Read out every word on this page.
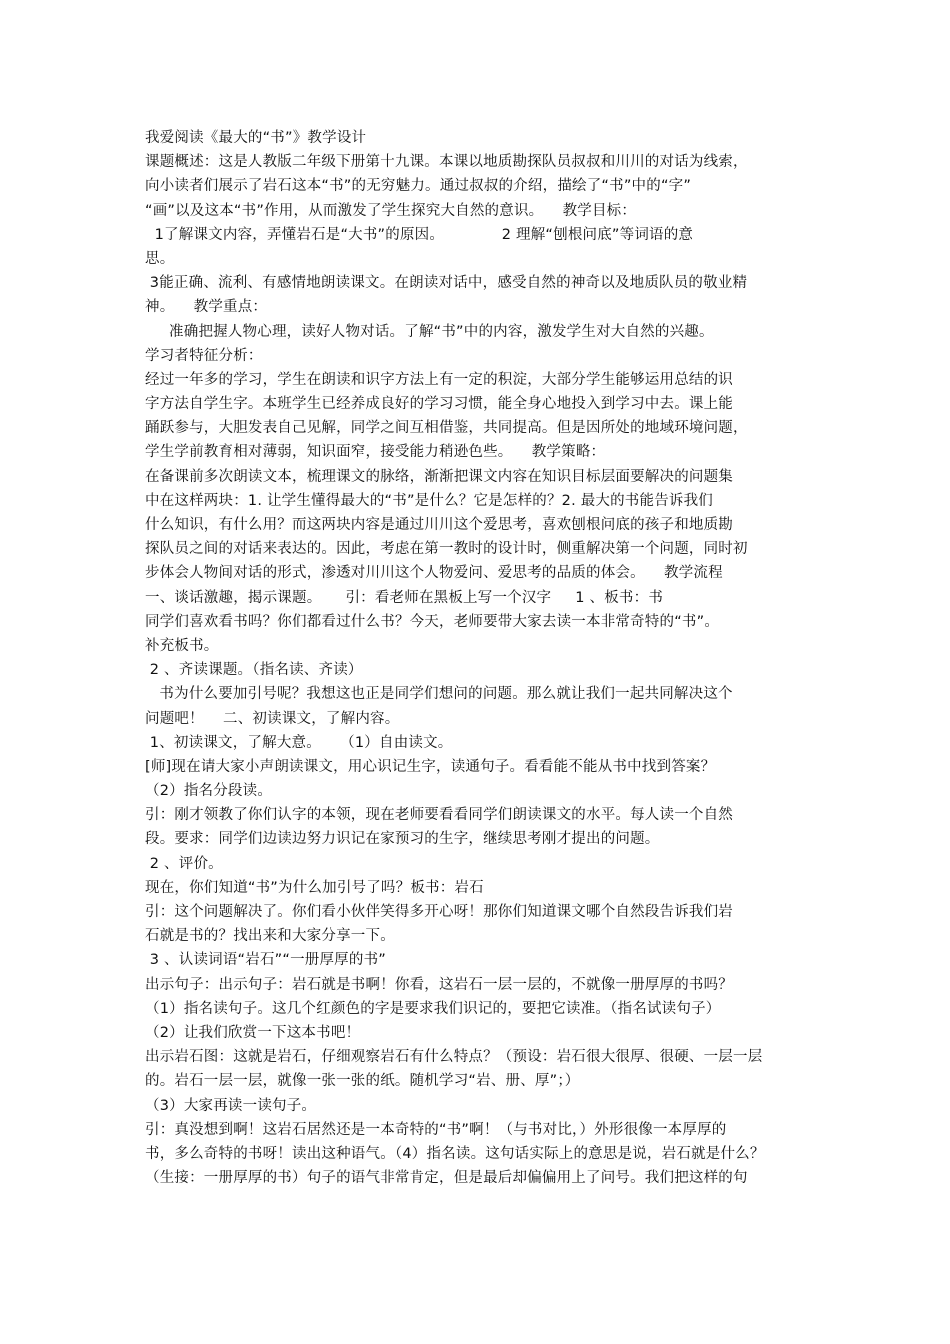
我爱阅读《最大的“书”》教学设计
课题概述：这是人教版二年级下册第十九课。本课以地质勘探队员叔叔和川川的对话为线索，
向小读者们展示了岩石这本“书”的无穷魅力。通过叔叔的介绍，描绘了“书”中的“字”
“画”以及这本“书”作用，从而激发了学生探究大自然的意识。    教学目标：
1了解课文内容，弄懂岩石是“大书”的原因。            2 理解“刨根问底”等词语的意
思。
3能正确、流利、有感情地朗读课文。在朗读对话中，感受自然的神奇以及地质队员的敬业精
神。    教学重点：
准确把握人物心理，读好人物对话。了解“书”中的内容，激发学生对大自然的兴趣。
学习者特征分析：
经过一年多的学习，学生在朗读和识字方法上有一定的积淀，大部分学生能够运用总结的识
字方法自学生字。本班学生已经养成良好的学习习惯，能全身心地投入到学习中去。课上能
踊跃参与，大胆发表自己见解，同学之间互相借鉴，共同提高。但是因所处的地域环境问题，
学生学前教育相对薄弱，知识面窄，接受能力稍逊色些。    教学策略：
在备课前多次朗读文本，梳理课文的脉络，渐渐把课文内容在知识目标层面要解决的问题集
中在这样两块：1. 让学生懂得最大的“书”是什么？它是怎样的？2. 最大的书能告诉我们
什么知识，有什么用？而这两块内容是通过川川这个爱思考，喜欢刨根问底的孩子和地质勘
探队员之间的对话来表达的。因此，考虑在第一教时的设计时，侧重解决第一个问题，同时初
步体会人物间对话的形式，渗透对川川这个人物爱问、爱思考的品质的体会。    教学流程
一、谈话激趣，揭示课题。     引：看老师在黑板上写一个汉字     1 、板书：书
同学们喜欢看书吗？你们都看过什么书？今天，老师要带大家去读一本非常奇特的“书”。
补充板书。
2 、齐读课题。（指名读、齐读）
书为什么要加引号呢？我想这也正是同学们想问的问题。那么就让我们一起共同解决这个
问题吧！    二、初读课文，了解内容。
1、初读课文，了解大意。    （1）自由读文。
[师]现在请大家小声朗读课文，用心识记生字，读通句子。看看能不能从书中找到答案？
（2）指名分段读。
引：刚才领教了你们认字的本领，现在老师要看看同学们朗读课文的水平。每人读一个自然
段。要求：同学们边读边努力识记在家预习的生字，继续思考刚才提出的问题。
2 、评价。
现在，你们知道“书”为什么加引号了吗？板书：岩石
引：这个问题解决了。你们看小伙伴笑得多开心呀！那你们知道课文哪个自然段告诉我们岩
石就是书的？找出来和大家分享一下。
3 、认读词语“岩石”“一册厚厚的书”
出示句子：出示句子：岩石就是书啊！你看，这岩石一层一层的，不就像一册厚厚的书吗？
（1）指名读句子。这几个红颜色的字是要求我们识记的，要把它读准。（指名试读句子）
（2）让我们欣赏一下这本书吧！
出示岩石图：这就是岩石，仔细观察岩石有什么特点？（预设：岩石很大很厚、很硬、一层一层
的。岩石一层一层，就像一张一张的纸。随机学习“岩、册、厚”；）
（3）大家再读一读句子。
引：真没想到啊！这岩石居然还是一本奇特的“书”啊！（与书对比，）外形很像一本厚厚的
书，多么奇特的书呀！读出这种语气。（4）指名读。这句话实际上的意思是说，岩石就是什么？
（生接：一册厚厚的书）句子的语气非常肯定，但是最后却偏偏用上了问号。我们把这样的句
